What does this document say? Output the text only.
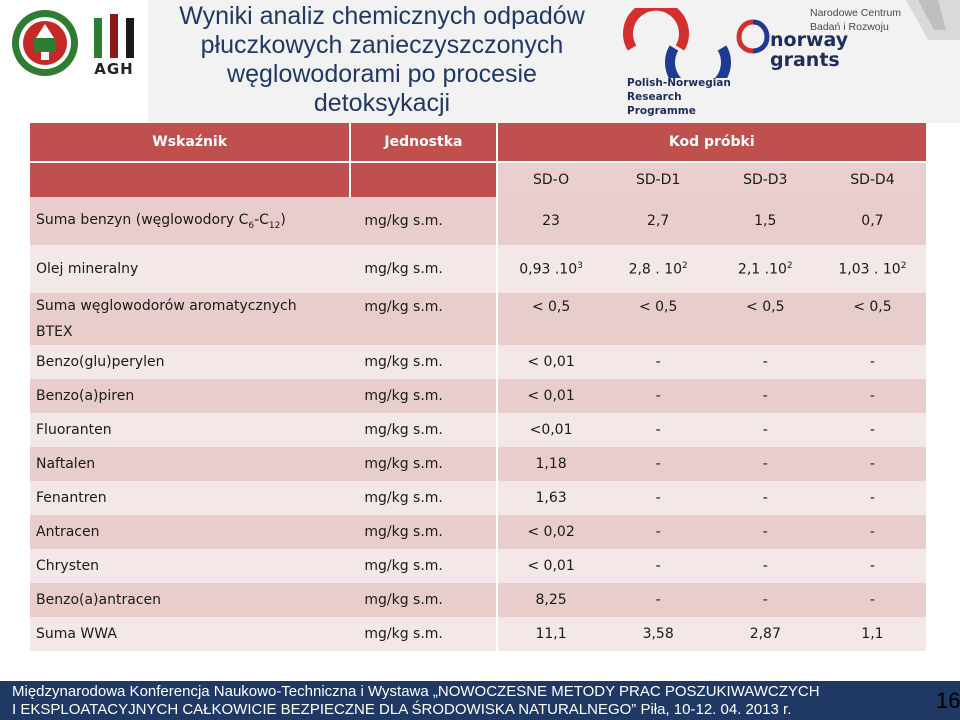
AGH
Wyniki analiz chemicznych odpadów
płuczkowych zanieczyszczonych
węglowodorami po procesie
detoksykacji
Polish-Norwegian
Research
Programme
norway
grants
Narodowe Centrum
Badań i Rozwoju
Wskaźnik	Jednostka	Kod próbki			
		SD-O	SD-D1	SD-D3	SD-D4
Suma benzyn (węglowodory $C_6-C_{12}$)	mg/kg s.m.	23	2,7	1,5	0,7
Olej mineralny	mg/kg s.m.	0,93 $.10^3$	2,8 . $10^2$	2,1 $.10^2$	1,03 . $10^2$

Suma węglowodorów aromatycznych
BTEX	mg/kg s.m.	< 0,5	< 0,5	< 0,5	< 0,5
Benzo(glu)perylen	mg/kg s.m.	< 0,01	-	-	-
Benzo(a)piren	mg/kg s.m.	< 0,01	-	-	-
Fluoranten	mg/kg s.m.	<0,01	-	-	-
Naftalen	mg/kg s.m.	1,18	-	-	-
Fenantren	mg/kg s.m.	1,63	-	-	-
Antracen	mg/kg s.m.	< 0,02	-	-	-
Chrysten	mg/kg s.m.	< 0,01	-	-	-
Benzo(a)antracen	mg/kg s.m.	8,25	-	-	-
Suma WWA	mg/kg s.m.	11,1	3,58	2,87	1,1
Międzynarodowa Konferencja Naukowo-Techniczna i Wystawa „NOWOCZESNE METODY PRAC POSZUKIWAWCZYCH
I EKSPLOATACYJNYCH CAŁKOWICIE BEZPIECZNE DLA ŚRODOWISKA NATURALNEGO” Piła, 10-12. 04. 2013 r.	16
